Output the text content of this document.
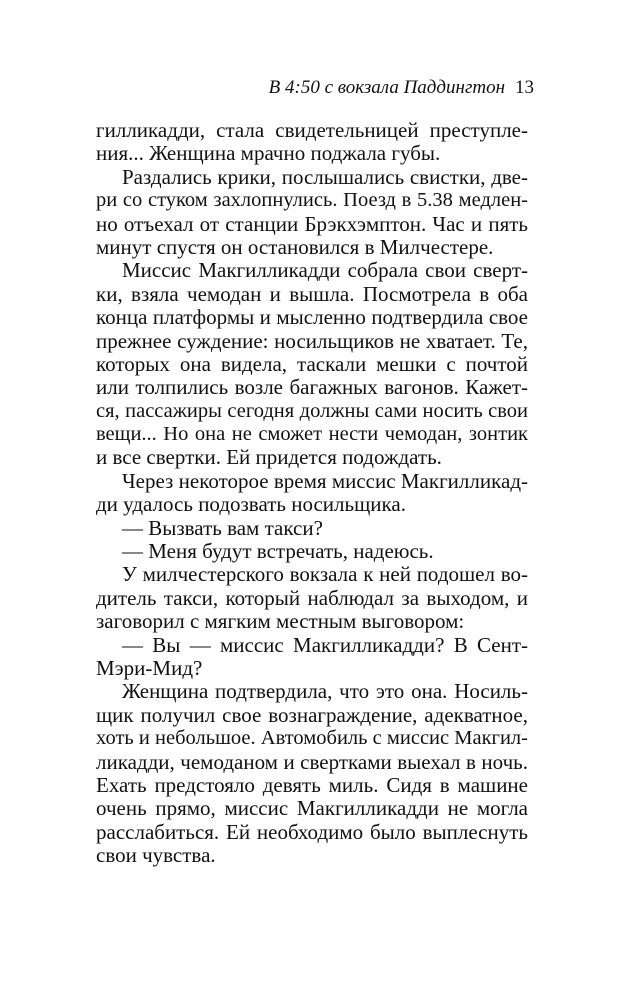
В 4:50 с вокзала Паддингтон 13
гилликадди, стала свидетельницей преступле-
ния... Женщина мрачно поджала губы.
Раздались крики, послышались свистки, две-
ри со стуком захлопнулись. Поезд в 5.38 медлен-
но отъехал от станции Брэкхэмптон. Час и пять
минут спустя он остановился в Милчестере.
Миссис Макгилликадди собрала свои сверт-
ки, взяла чемодан и вышла. Посмотрела в оба
конца платформы и мысленно подтвердила свое
прежнее суждение: носильщиков не хватает. Те,
которых она видела, таскали мешки с почтой
или толпились возле багажных вагонов. Кажет-
ся, пассажиры сегодня должны сами носить свои
вещи... Но она не сможет нести чемодан, зонтик
и все свертки. Ей придется подождать.
Через некоторое время миссис Макгилликад-
ди удалось подозвать носильщика.
— Вызвать вам такси?
— Меня будут встречать, надеюсь.
У милчестерского вокзала к ней подошел во-
дитель такси, который наблюдал за выходом, и
заговорил с мягким местным выговором:
— Вы — миссис Макгилликадди? В Сент-
Мэри-Мид?
Женщина подтвердила, что это она. Носиль-
щик получил свое вознаграждение, адекватное,
хоть и небольшое. Автомобиль с миссис Макгил-
ликадди, чемоданом и свертками выехал в ночь.
Ехать предстояло девять миль. Сидя в машине
очень прямо, миссис Макгилликадди не могла
расслабиться. Ей необходимо было выплеснуть
свои чувства.
